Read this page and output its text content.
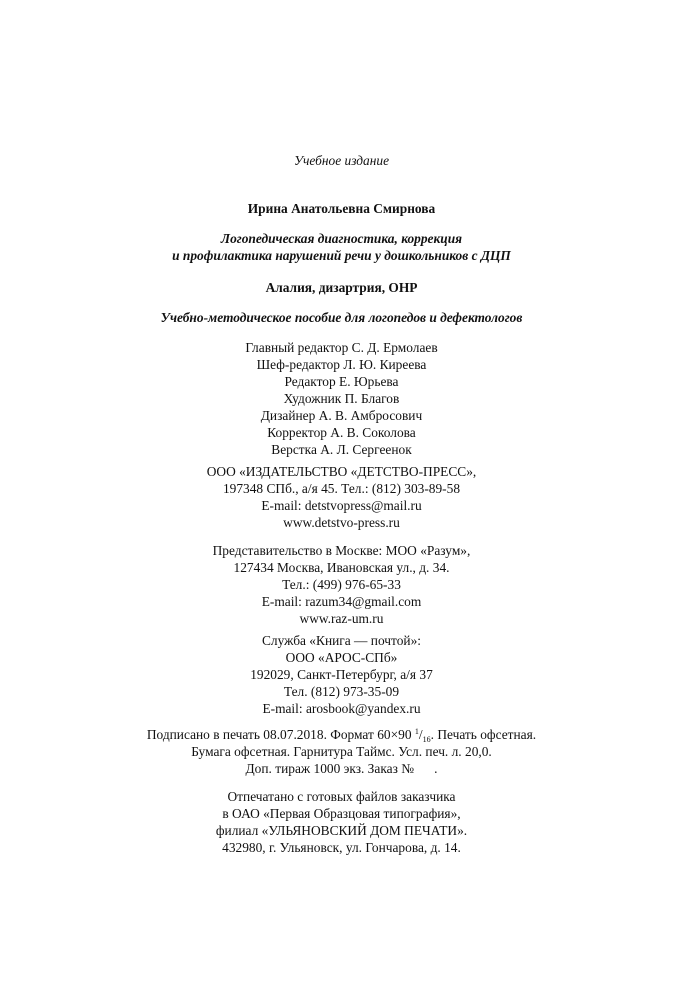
Учебное издание
Ирина Анатольевна Смирнова
Логопедическая диагностика, коррекция
и профилактика нарушений речи у дошкольников с ДЦП
Алалия, дизартрия, ОНР
Учебно-методическое пособие для логопедов и дефектологов
Главный редактор С. Д. Ермолаев
Шеф-редактор Л. Ю. Киреева
Редактор Е. Юрьева
Художник П. Благов
Дизайнер А. В. Амбросович
Корректор А. В. Соколова
Верстка А. Л. Сергеенок
ООО «ИЗДАТЕЛЬСТВО «ДЕТСТВО-ПРЕСС»,
197348 СПб., а/я 45. Тел.: (812) 303-89-58
E-mail: detstvopress@mail.ru
www.detstvo-press.ru
Представительство в Москве: МОО «Разум»,
127434 Москва, Ивановская ул., д. 34.
Тел.: (499) 976-65-33
E-mail: razum34@gmail.com
www.raz-um.ru
Служба «Книга — почтой»:
ООО «АРОС-СПб»
192029, Санкт-Петербург, а/я 37
Тел. (812) 973-35-09
E-mail: arosbook@yandex.ru
Подписано в печать 08.07.2018. Формат 60×90 $^1/_{16}$. Печать офсетная.
Бумага офсетная. Гарнитура Таймс. Усл. печ. л. 20,0.
Доп. тираж 1000 экз. Заказ №      .
Отпечатано с готовых файлов заказчика
в ОАО «Первая Образцовая типография»,
филиал «УЛЬЯНОВСКИЙ ДОМ ПЕЧАТИ».
432980, г. Ульяновск, ул. Гончарова, д. 14.
